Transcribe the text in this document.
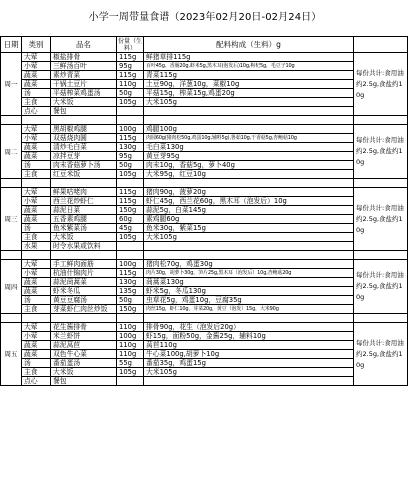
小学一周带量食谱（2023年02月20日-02月24日）
日期	类别	品名	份量（生料）	配料构成（生料）g	
周一	大荤	椒盐排骨	115g	鲜猪草排115g	每份共计:食用油约2.5g,食盐约10g
	小荤	三鲜汤百叶	95g	百叶45g、香肠20g,虾米5g,黑木耳(泡发后)10g,枸杞5g，毛豆子10g	
	蔬菜	素炒青菜	115g	青菜115g	
	蔬菜	干锅土豆片	110g	土豆90g，洋葱10g，菜椒10g	
	汤	平菇榨菜鸡蛋汤	50g	平菇15g，榨菜15g,鸡蛋20g	
	主食	大米饭	105g	大米105g	
	点心	餐包			

周二	大荤	黑胡椒鸡腿	100g	鸡腿100g	每份共计:食用油约2.5g,食盐约10g
	小荤	双菇烧肉圆	115g	肉圆60g(猪肉松50g,鸡蛋10g,辅料5g),鲁茹10g,干香菇5g,杏鲍菇10g	
	蔬菜	清炒毛白菜	130g	毛白菜130g	
	蔬菜	凉拌豆芽	95g	黄豆芽95g	
	汤	肉末香菇萝卜汤	50g	肉末10g，香菇5g，萝卜40g	
	主食	红豆米饭	105g	大米95g，红豆10g	

周三	大荤	鲜果咕咾肉	115g	猪肉90g，菠萝20g	每份共计:食用油约2.5g,食盐约10g
	小荤	西兰花炒虾仁	115g	虾仁45g，西兰花60g，黑木耳（泡发后）10g	
	蔬菜	蒜泥日菜	150g	蒜泥5g，白菜145g	
	蔬菜	五香素鸡腿	60g	素鸡腿60g	
	汤	鱼米紫菜汤	45g	鱼米30g，紫菜15g	
	主食	大米饭	105g	大米105g	
	水果	时令水果或饮料			

周四	大荤	手工鲜肉面筋	100g	猪肉松70g，鸡蛋30g	每份共计:食用油约2.5g,食盐约10g
	小荤	杭油什锦肉片	115g	肉片30g，胡萝卜30g，笋片25g,黑木耳（泡发后）10g,杏鲍菇20g	
	蔬菜	蒜泥茼蒿菜	130g	茼蒿菜130g	
	蔬菜	虾米冬瓜	135g	虾米5g，冬瓜130g	
	汤	黄豆豆腐汤	50g	虫草花5g，鸡蛋10g，豆腐35g	
	主食	芽菜虾仁肉丝炒饭	150g	肉丝15g，虾仁10g，芽菜20g，黄豆（泡发）15g，大米90g	

周五	大荤	花生酱排骨	110g	排骨90g，花生（泡发后20g）	每份共计:食用油约2.5g,食盐约10g
	小荤	米兰虾饼	100g	虾15g，面粉50g，金酱25g，辅料10g	
	蔬菜	蒜泥莴苣	110g	莴苣110g	
	蔬菜	双色牛心菜	110g	牛心菜100g,胡萝卜10g	
	汤	番茄蛋汤	55g	番茄35g，鸡蛋15g	
	主食	大米饭	105g	大米105g	
	点心	餐包			
